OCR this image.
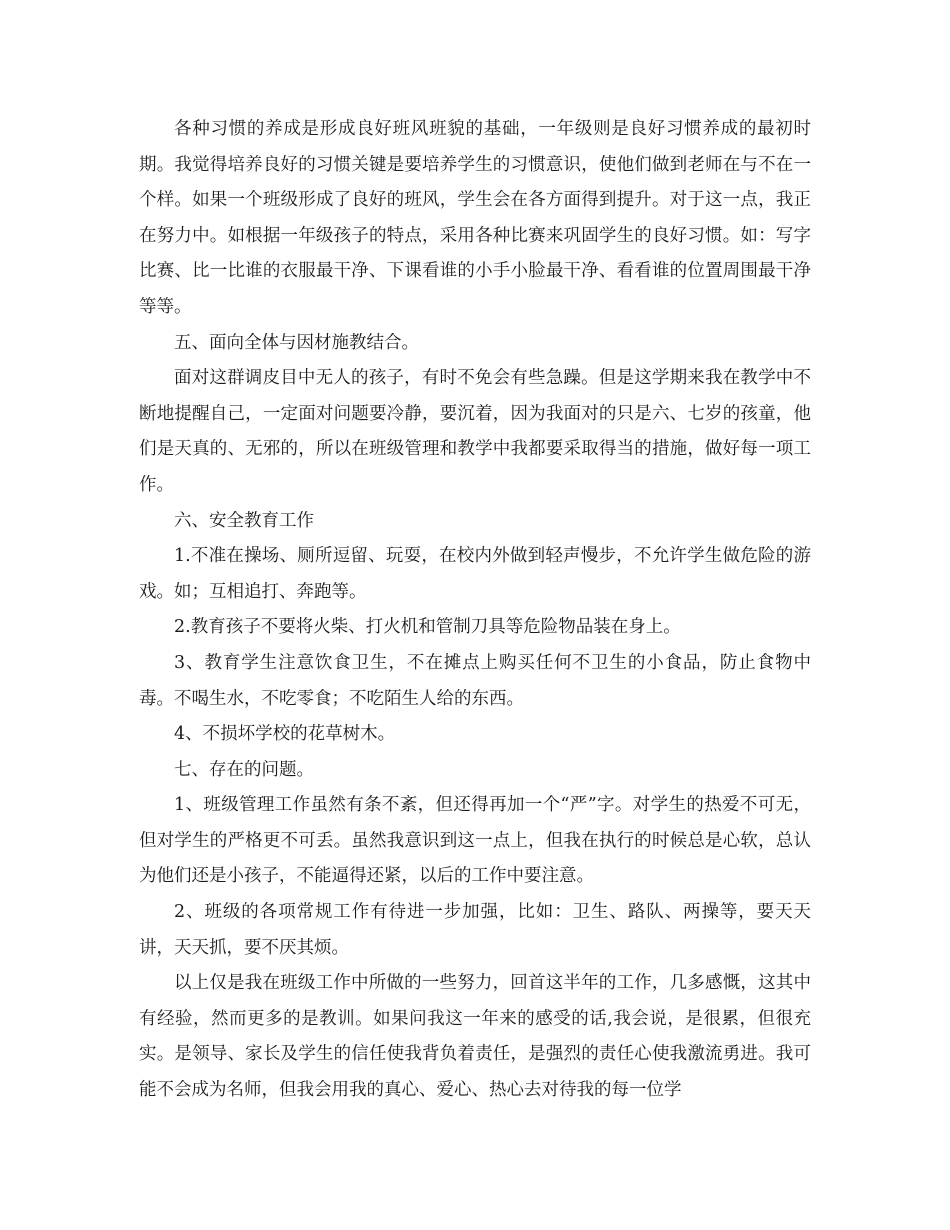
各种习惯的养成是形成良好班风班貌的基础，一年级则是良好习惯养成的最初时期。我觉得培养良好的习惯关键是要培养学生的习惯意识，使他们做到老师在与不在一个样。如果一个班级形成了良好的班风，学生会在各方面得到提升。对于这一点，我正在努力中。如根据一年级孩子的特点，采用各种比赛来巩固学生的良好习惯。如：写字比赛、比一比谁的衣服最干净、下课看谁的小手小脸最干净、看看谁的位置周围最干净等等。

五、面向全体与因材施教结合。

面对这群调皮目中无人的孩子，有时不免会有些急躁。但是这学期来我在教学中不断地提醒自己，一定面对问题要冷静，要沉着，因为我面对的只是六、七岁的孩童，他们是天真的、无邪的，所以在班级管理和教学中我都要采取得当的措施，做好每一项工作。

六、安全教育工作

1.不准在操场、厕所逗留、玩耍，在校内外做到轻声慢步，不允许学生做危险的游戏。如；互相追打、奔跑等。

2.教育孩子不要将火柴、打火机和管制刀具等危险物品装在身上。

3、教育学生注意饮食卫生，不在摊点上购买任何不卫生的小食品，防止食物中毒。不喝生水，不吃零食；不吃陌生人给的东西。

4、不损坏学校的花草树木。

七、存在的问题。

1、班级管理工作虽然有条不紊，但还得再加一个“严”字。对学生的热爱不可无，但对学生的严格更不可丢。虽然我意识到这一点上，但我在执行的时候总是心软，总认为他们还是小孩子，不能逼得还紧，以后的工作中要注意。

2、班级的各项常规工作有待进一步加强，比如：卫生、路队、两操等，要天天讲，天天抓，要不厌其烦。

以上仅是我在班级工作中所做的一些努力，回首这半年的工作，几多感慨，这其中有经验，然而更多的是教训。如果问我这一年来的感受的话,我会说，是很累，但很充实。是领导、家长及学生的信任使我背负着责任，是强烈的责任心使我激流勇进。我可能不会成为名师，但我会用我的真心、爱心、热心去对待我的每一位学
